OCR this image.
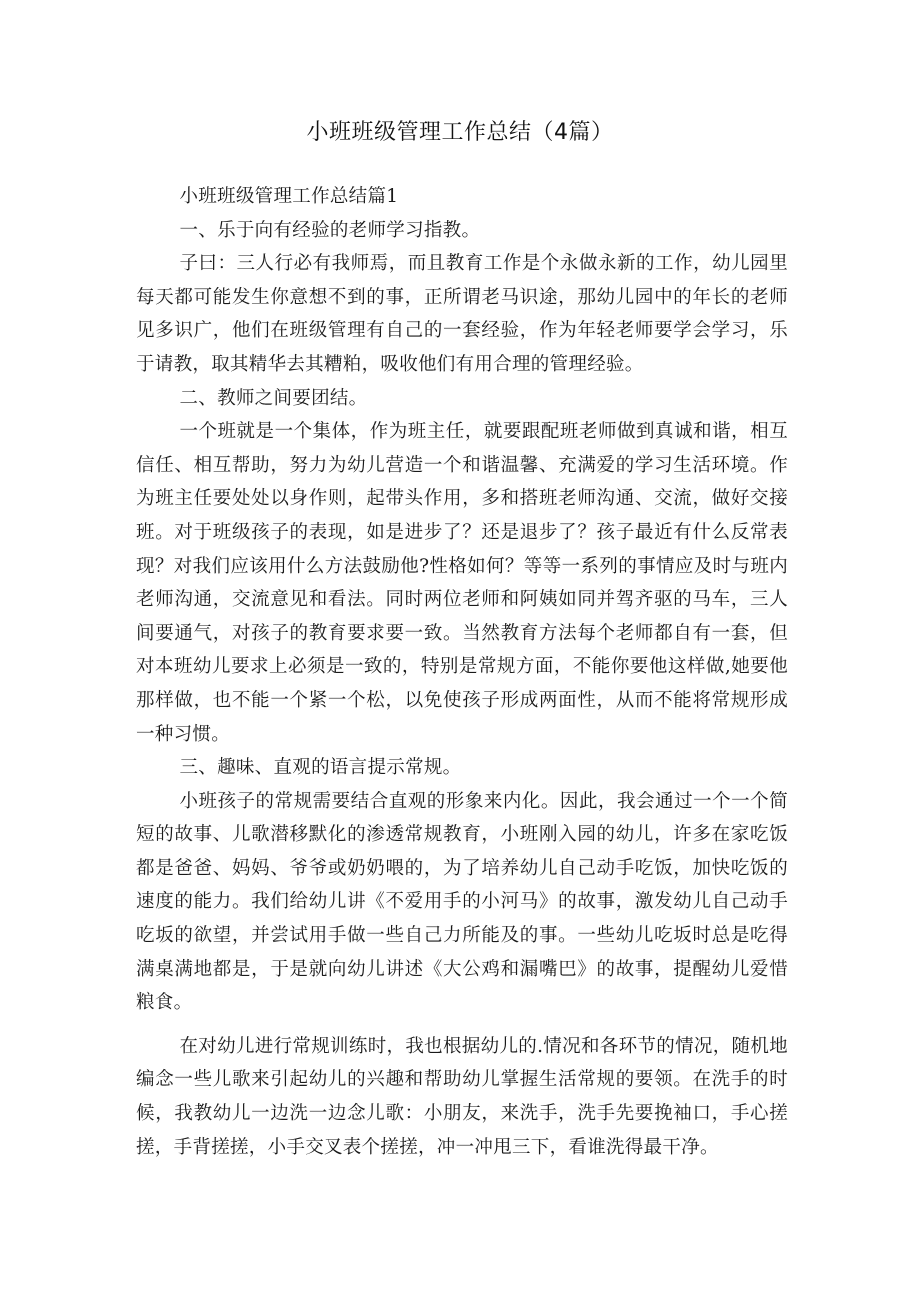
小班班级管理工作总结（4篇）

小班班级管理工作总结篇1

一、乐于向有经验的老师学习指教。

子曰：三人行必有我师焉，而且教育工作是个永做永新的工作，幼儿园里每天都可能发生你意想不到的事，正所谓老马识途，那幼儿园中的年长的老师见多识广，他们在班级管理有自己的一套经验，作为年轻老师要学会学习，乐于请教，取其精华去其糟粕，吸收他们有用合理的管理经验。

二、教师之间要团结。

一个班就是一个集体，作为班主任，就要跟配班老师做到真诚和谐，相互信任、相互帮助，努力为幼儿营造一个和谐温馨、充满爱的学习生活环境。作为班主任要处处以身作则，起带头作用，多和搭班老师沟通、交流，做好交接班。对于班级孩子的表现，如是进步了？还是退步了？孩子最近有什么反常表现？对我们应该用什么方法鼓励他?性格如何？等等一系列的事情应及时与班内老师沟通，交流意见和看法。同时两位老师和阿姨如同并驾齐驱的马车，三人间要通气，对孩子的教育要求要一致。当然教育方法每个老师都自有一套，但对本班幼儿要求上必须是一致的，特别是常规方面，不能你要他这样做,她要他那样做，也不能一个紧一个松，以免使孩子形成两面性，从而不能将常规形成一种习惯。

三、趣味、直观的语言提示常规。

小班孩子的常规需要结合直观的形象来内化。因此，我会通过一个一个简短的故事、儿歌潜移默化的渗透常规教育，小班刚入园的幼儿，许多在家吃饭都是爸爸、妈妈、爷爷或奶奶喂的，为了培养幼儿自己动手吃饭，加快吃饭的速度的能力。我们给幼儿讲《不爱用手的小河马》的故事，激发幼儿自己动手吃坂的欲望，并尝试用手做一些自己力所能及的事。一些幼儿吃坂时总是吃得满桌满地都是，于是就向幼儿讲述《大公鸡和漏嘴巴》的故事，提醒幼儿爱惜粮食。

在对幼儿进行常规训练时，我也根据幼儿的.情况和各环节的情况，随机地编念一些儿歌来引起幼儿的兴趣和帮助幼儿掌握生活常规的要领。在洗手的时候，我教幼儿一边洗一边念儿歌：小朋友，来洗手，洗手先要挽袖口，手心搓搓，手背搓搓，小手交叉表个搓搓，冲一冲甩三下，看谁洗得最干净。
